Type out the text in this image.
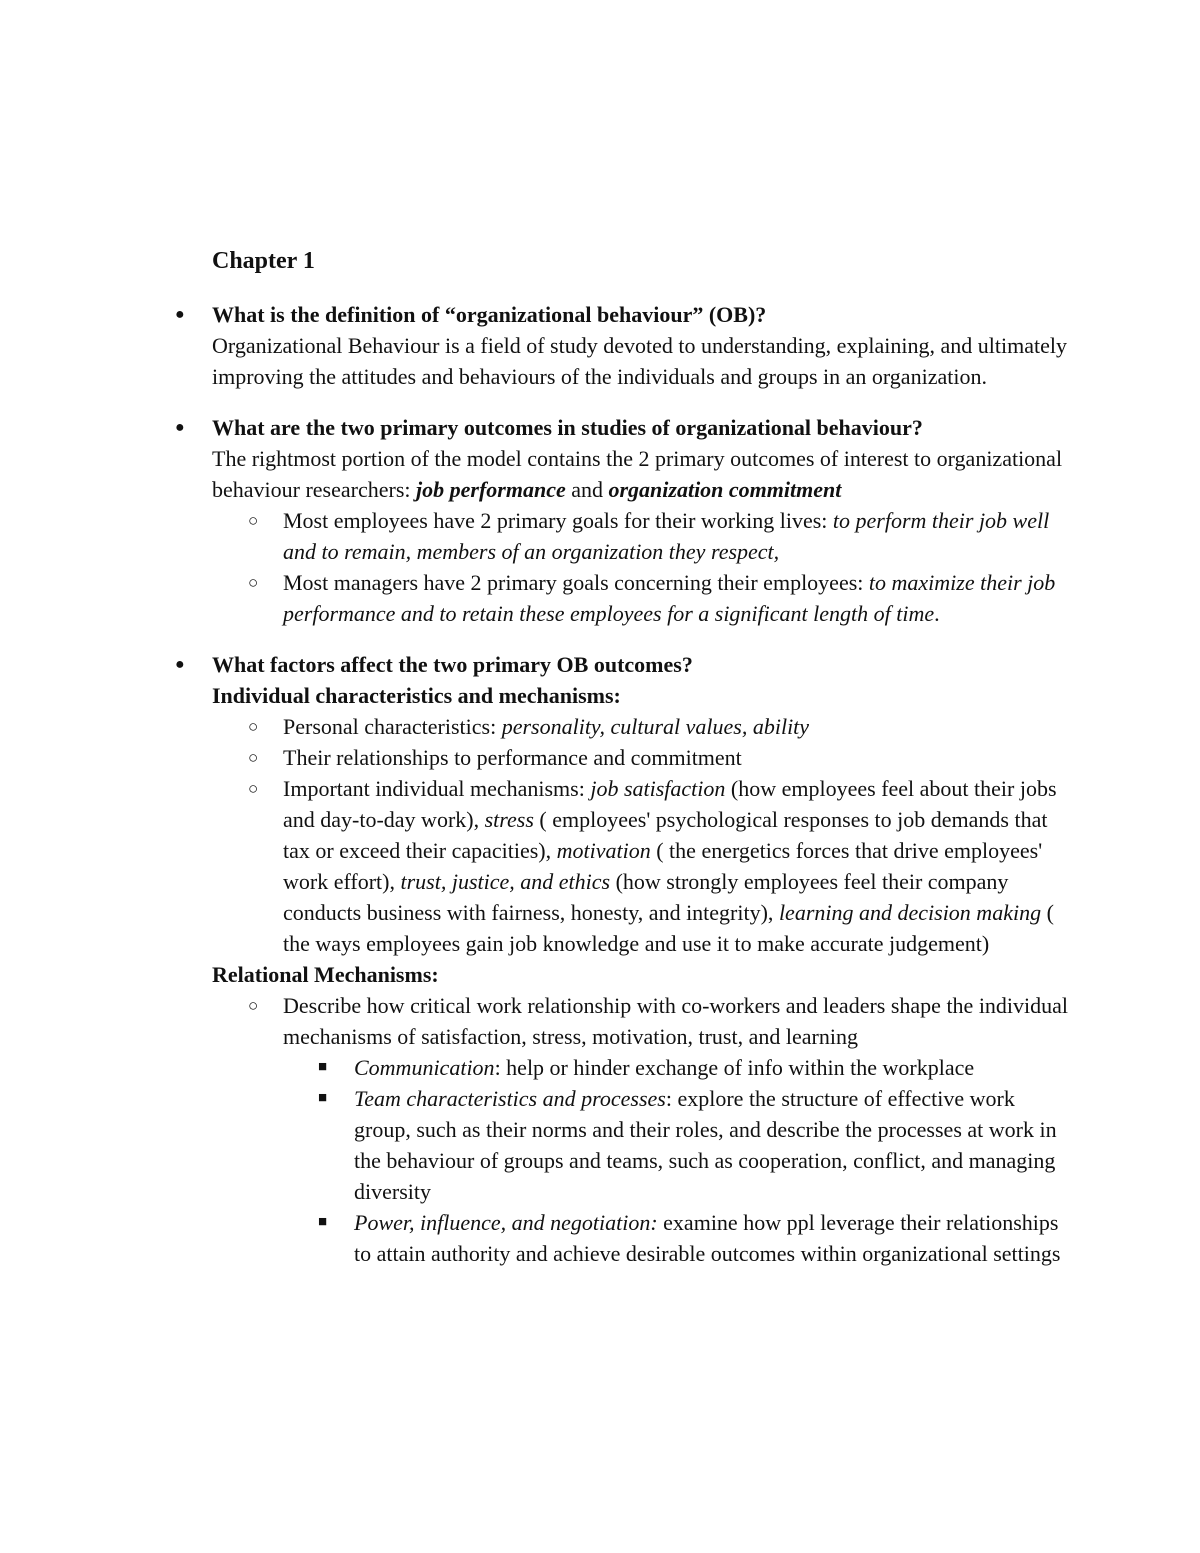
Chapter 1
● What is the definition of “organizational behaviour” (OB)?

Organizational Behaviour is a field of study devoted to understanding, explaining, and ultimately improving the attitudes and behaviours of the individuals and groups in an organization.

● What are the two primary outcomes in studies of organizational behaviour?

The rightmost portion of the model contains the 2 primary outcomes of interest to organizational behaviour researchers: job performance and organization commitment

○ Most employees have 2 primary goals for their working lives: to perform their job well and to remain, members of an organization they respect,
○ Most managers have 2 primary goals concerning their employees: to maximize their job performance and to retain these employees for a significant length of time.
● What factors affect the two primary OB outcomes?
Individual characteristics and mechanisms:
○ Personal characteristics: personality, cultural values, ability
○ Their relationships to performance and commitment
○ Important individual mechanisms: job satisfaction (how employees feel about their jobs and day-to-day work), stress ( employees' psychological responses to job demands that tax or exceed their capacities), motivation ( the energetics forces that drive employees' work effort), trust, justice, and ethics (how strongly employees feel their company conducts business with fairness, honesty, and integrity), learning and decision making ( the ways employees gain job knowledge and use it to make accurate judgement)
Relational Mechanisms:
○ Describe how critical work relationship with co-workers and leaders shape the individual mechanisms of satisfaction, stress, motivation, trust, and learning
■ Communication: help or hinder exchange of info within the workplace
■ Team characteristics and processes: explore the structure of effective work group, such as their norms and their roles, and describe the processes at work in the behaviour of groups and teams, such as cooperation, conflict, and managing diversity
■ Power, influence, and negotiation: examine how ppl leverage their relationships to attain authority and achieve desirable outcomes within organizational settings
